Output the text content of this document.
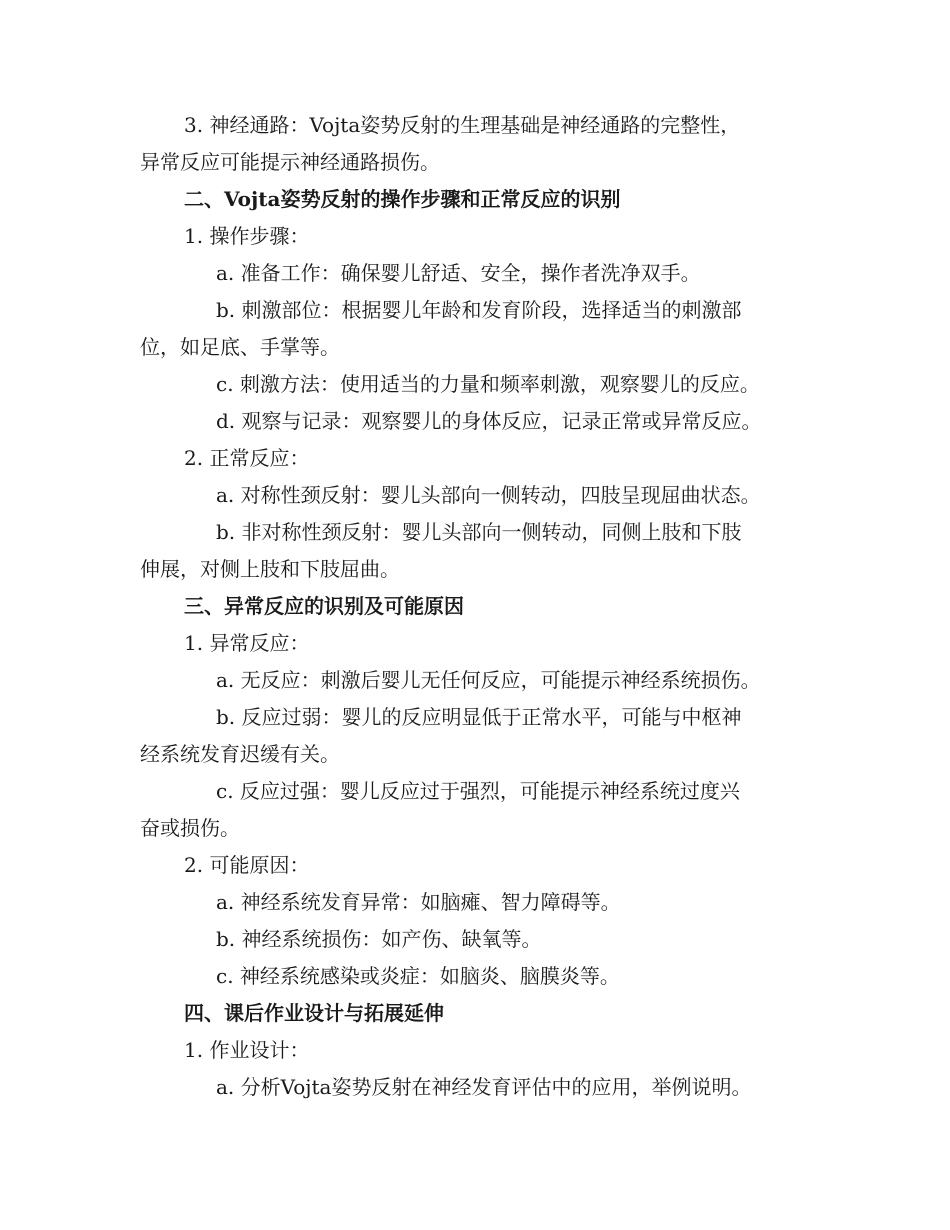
3. 神经通路：Vojta姿势反射的生理基础是神经通路的完整性，
异常反应可能提示神经通路损伤。
二、Vojta姿势反射的操作步骤和正常反应的识别
1. 操作步骤：
a. 准备工作：确保婴儿舒适、安全，操作者洗净双手。
b. 刺激部位：根据婴儿年龄和发育阶段，选择适当的刺激部
位，如足底、手掌等。
c. 刺激方法：使用适当的力量和频率刺激，观察婴儿的反应。
d. 观察与记录：观察婴儿的身体反应，记录正常或异常反应。
2. 正常反应：
a. 对称性颈反射：婴儿头部向一侧转动，四肢呈现屈曲状态。
b. 非对称性颈反射：婴儿头部向一侧转动，同侧上肢和下肢
伸展，对侧上肢和下肢屈曲。
三、异常反应的识别及可能原因
1. 异常反应：
a. 无反应：刺激后婴儿无任何反应，可能提示神经系统损伤。
b. 反应过弱：婴儿的反应明显低于正常水平，可能与中枢神
经系统发育迟缓有关。
c. 反应过强：婴儿反应过于强烈，可能提示神经系统过度兴
奋或损伤。
2. 可能原因：
a. 神经系统发育异常：如脑瘫、智力障碍等。
b. 神经系统损伤：如产伤、缺氧等。
c. 神经系统感染或炎症：如脑炎、脑膜炎等。
四、课后作业设计与拓展延伸
1. 作业设计：
a. 分析Vojta姿势反射在神经发育评估中的应用，举例说明。
